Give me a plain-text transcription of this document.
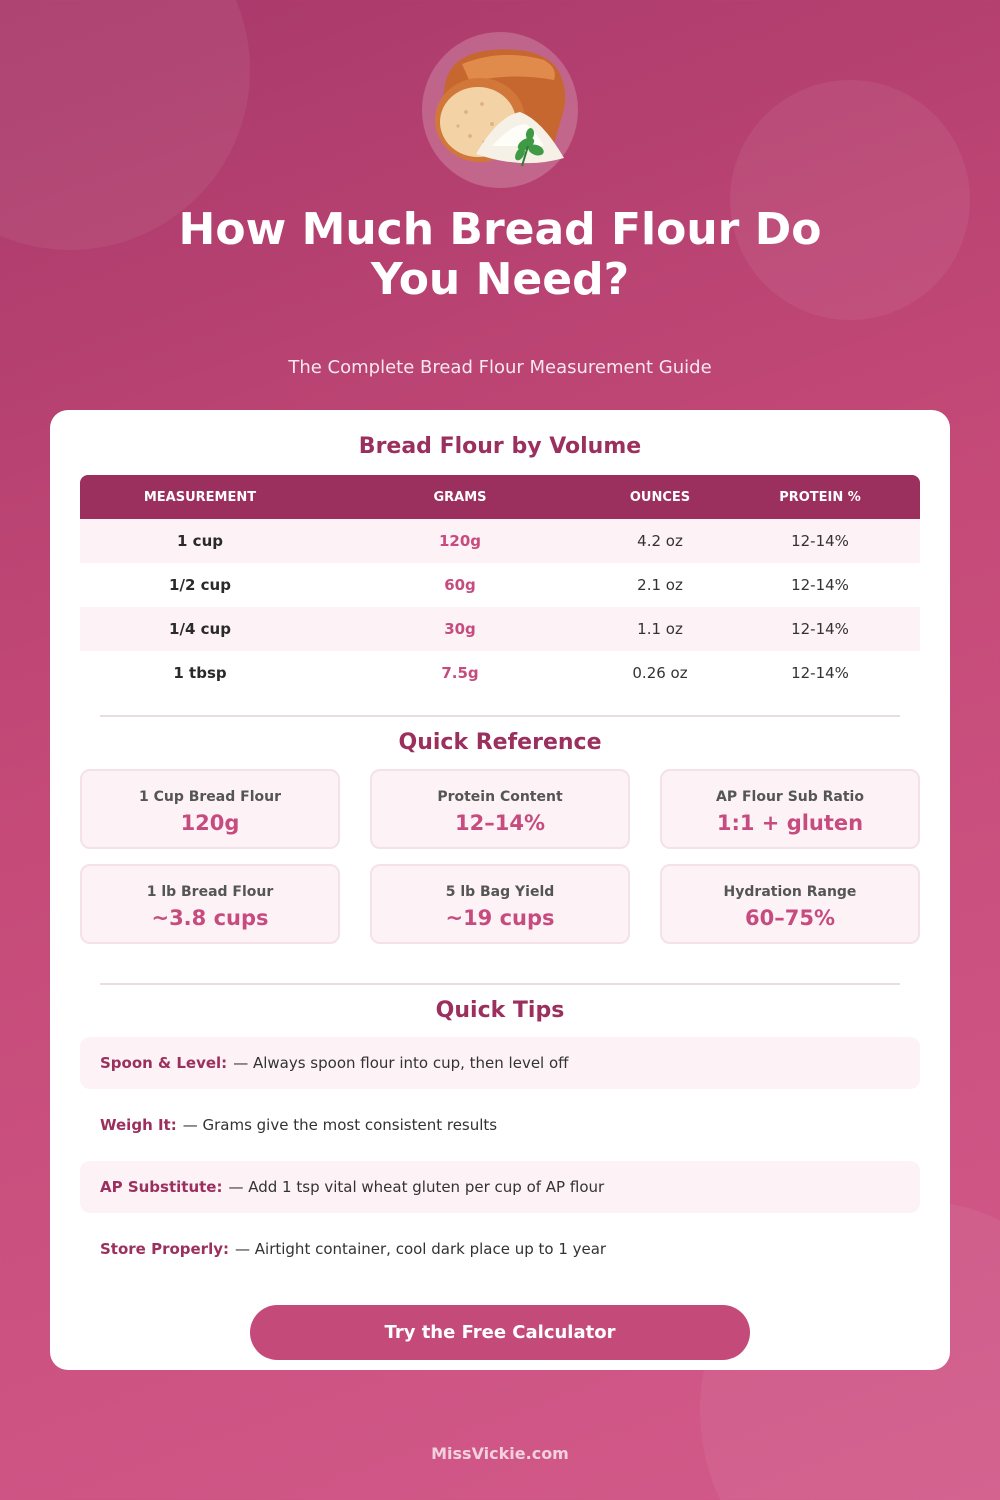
How Much Bread Flour Do You Need?
The Complete Bread Flour Measurement Guide
Bread Flour by Volume
MEASUREMENT	GRAMS	OUNCES	PROTEIN %
1 cup	120g	4.2 oz	12-14%
1/2 cup	60g	2.1 oz	12-14%
1/4 cup	30g	1.1 oz	12-14%
1 tbsp	7.5g	0.26 oz	12-14%
Quick Reference
1 Cup Bread Flour
120g
Protein Content
12–14%
AP Flour Sub Ratio
1:1 + gluten
1 lb Bread Flour
~3.8 cups
5 lb Bag Yield
~19 cups
Hydration Range
60–75%
Quick Tips
Spoon & Level: — Always spoon flour into cup, then level off
Weigh It: — Grams give the most consistent results
AP Substitute: — Add 1 tsp vital wheat gluten per cup of AP flour
Store Properly: — Airtight container, cool dark place up to 1 year
Try the Free Calculator
MissVickie.com
